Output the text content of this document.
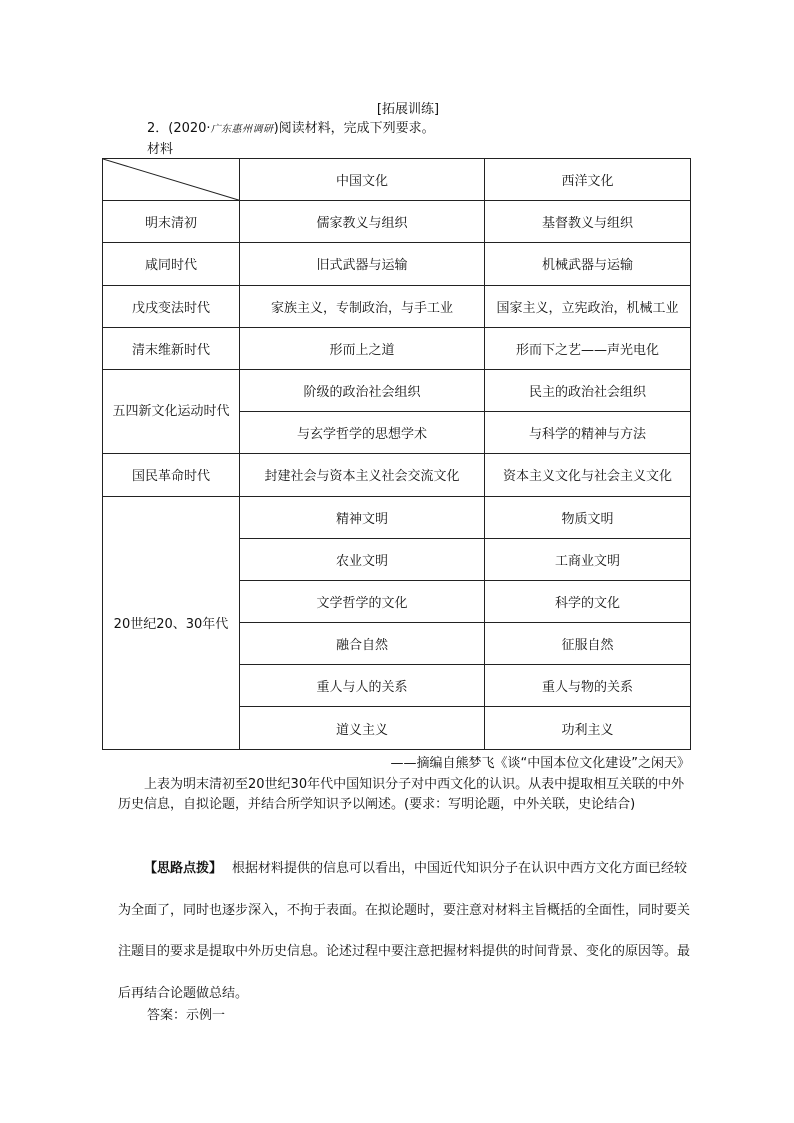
[拓展训练]
2．(2020·广东惠州调研)阅读材料，完成下列要求。
材料
	中国文化	西洋文化
明末清初	儒家教义与组织	基督教义与组织
咸同时代	旧式武器与运输	机械武器与运输
戊戌变法时代	家族主义，专制政治，与手工业	国家主义，立宪政治，机械工业
清末维新时代	形而上之道	形而下之艺——声光电化
五四新文化运动时代	阶级的政治社会组织	民主的政治社会组织
	与玄学哲学的思想学术	与科学的精神与方法
国民革命时代	封建社会与资本主义社会交流文化	资本主义文化与社会主义文化
20世纪20、30年代	精神文明	物质文明
	农业文明	工商业文明
	文学哲学的文化	科学的文化
	融合自然	征服自然
	重人与人的关系	重人与物的关系
	道义主义	功利主义
——摘编自熊梦飞《谈“中国本位文化建设”之闲天》
上表为明末清初至20世纪30年代中国知识分子对中西文化的认识。从表中提取相互关联的中外历史信息，自拟论题，并结合所学知识予以阐述。(要求：写明论题，中外关联，史论结合)
【思路点拨】 根据材料提供的信息可以看出，中国近代知识分子在认识中西方文化方面已经较为全面了，同时也逐步深入，不拘于表面。在拟论题时，要注意对材料主旨概括的全面性，同时要关注题目的要求是提取中外历史信息。论述过程中要注意把握材料提供的时间背景、变化的原因等。最后再结合论题做总结。
答案：示例一
